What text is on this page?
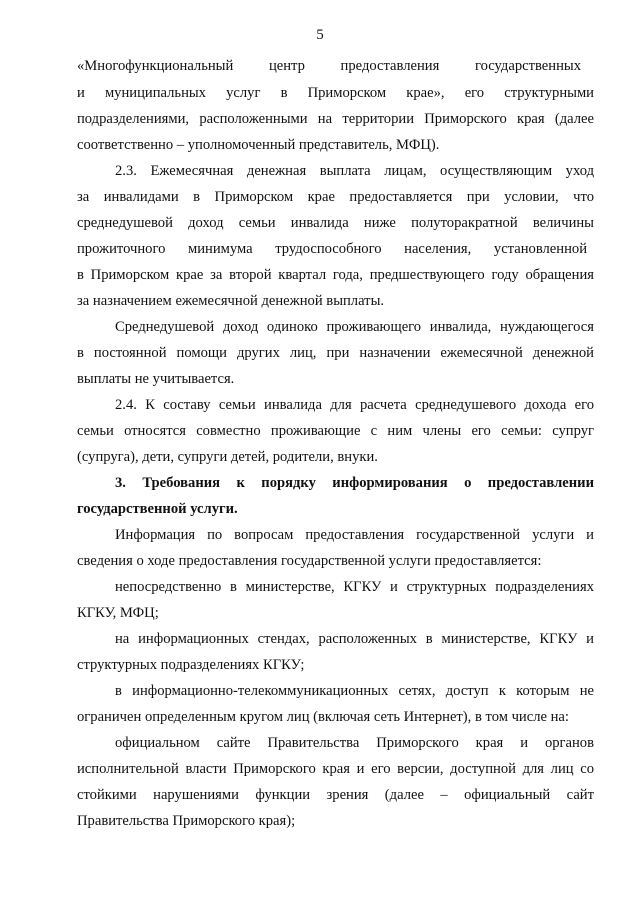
5
«Многофункциональный центр предоставления государственных
и муниципальных услуг в Приморском крае», его структурными
подразделениями, расположенными на территории Приморского края (далее
соответственно – уполномоченный представитель, МФЦ).
2.3. Ежемесячная денежная выплата лицам, осуществляющим уход
за инвалидами в Приморском крае предоставляется при условии, что
среднедушевой доход семьи инвалида ниже полуторакратной величины
прожиточного минимума трудоспособного населения, установленной
в Приморском крае за второй квартал года, предшествующего году обращения
за назначением ежемесячной денежной выплаты.
Среднедушевой доход одиноко проживающего инвалида, нуждающегося
в постоянной помощи других лиц, при назначении ежемесячной денежной
выплаты не учитывается.
2.4. К составу семьи инвалида для расчета среднедушевого дохода его
семьи относятся совместно проживающие с ним члены его семьи: супруг
(супруга), дети, супруги детей, родители, внуки.
3. Требования к порядку информирования о предоставлении
государственной услуги.
Информация по вопросам предоставления государственной услуги и
сведения о ходе предоставления государственной услуги предоставляется:
непосредственно в министерстве, КГКУ и структурных подразделениях
КГКУ, МФЦ;
на информационных стендах, расположенных в министерстве, КГКУ и
структурных подразделениях КГКУ;
в информационно-телекоммуникационных сетях, доступ к которым не
ограничен определенным кругом лиц (включая сеть Интернет), в том числе на:
официальном сайте Правительства Приморского края и органов
исполнительной власти Приморского края и его версии, доступной для лиц со
стойкими нарушениями функции зрения (далее – официальный сайт
Правительства Приморского края);
